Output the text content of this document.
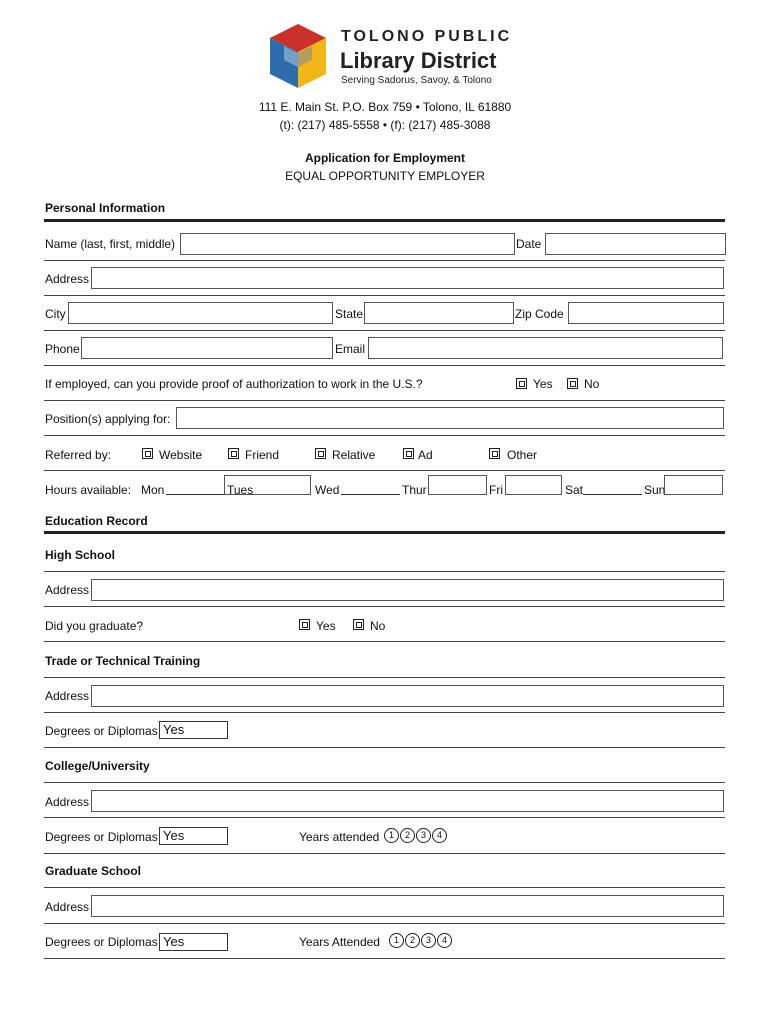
TOLONO PUBLIC
Library District
Serving Sadorus, Savoy, & Tolono
111 E. Main St. P.O. Box 759 • Tolono, IL 61880
(t): (217) 485-5558 • (f): (217) 485-3088
Application for Employment
EQUAL OPPORTUNITY EMPLOYER
Personal Information
Name (last, first, middle)	Date
Address
City	State	Zip Code
Phone	Email
If employed, can you provide proof of authorization to work in the U.S.?	Yes	No
Position(s) applying for:
Referred by:	Website	Friend	Relative	Ad	Other
Hours available: Mon	Tues	Wed	Thur	Fri	Sat	Sun
Education Record
High School
Address
Did you graduate?	Yes	No
Trade or Technical Training
Address
Degrees or Diplomas Yes
College/University
Address
Degrees or Diplomas Yes	Years attended	1 2 3 4
Graduate School
Address
Degrees or Diplomas Yes	Years Attended	1 2 3 4
